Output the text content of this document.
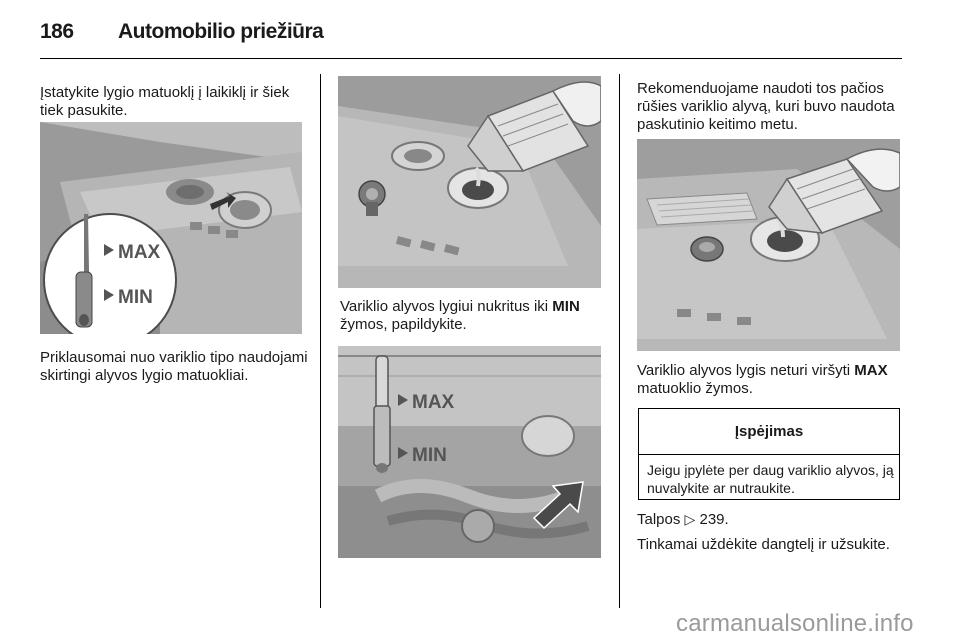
186 Automobilio priežiūra
Įstatykite lygio matuoklį į laikiklį ir šiek tiek pasukite.
MAX
MIN
Priklausomai nuo variklio tipo naudojami skirtingi alyvos lygio matuokliai.
Variklio alyvos lygiui nukritus iki MIN žymos, papildykite.
MAX
MIN
Rekomenduojame naudoti tos pačios rūšies variklio alyvą, kuri buvo naudota paskutinio keitimo metu.
Variklio alyvos lygis neturi viršyti MAX matuoklio žymos.
Įspėjimas
Jeigu įpylėte per daug variklio alyvos, ją nuvalykite ar nutraukite.
Talpos ▷ 239.
Tinkamai uždėkite dangtelį ir užsukite.
carmanualsonline.info
